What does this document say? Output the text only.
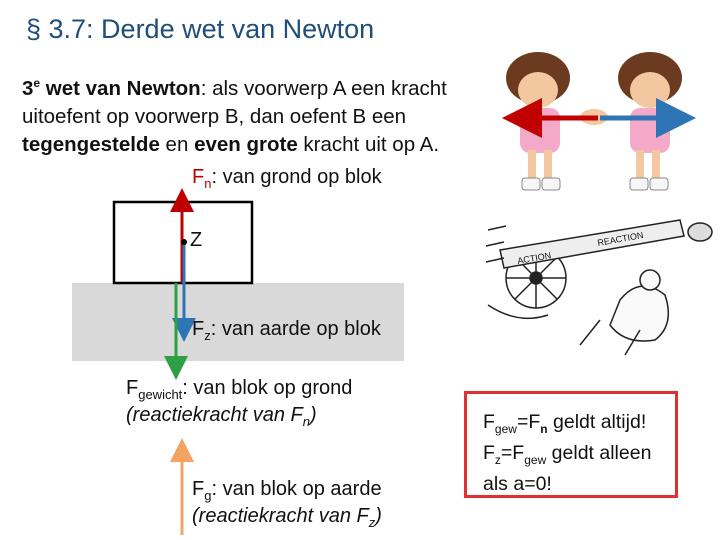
§ 3.7: Derde wet van Newton
3e wet van Newton: als voorwerp A een kracht uitoefent op voorwerp B, dan oefent B een tegengestelde en even grote kracht uit op A.
REACTION
ACTION
$F_n$: van grond op blok
Z
$F_z$: van aarde op blok
$F_{gewicht}$: van blok op grond
(reactiekracht van $F_n$)
$F_g$: van blok op aarde
(reactiekracht van $F_z$)
$F_{gew}=F_n$ geldt altijd!
$F_z=F_{gew}$ geldt alleen
als a=0!
